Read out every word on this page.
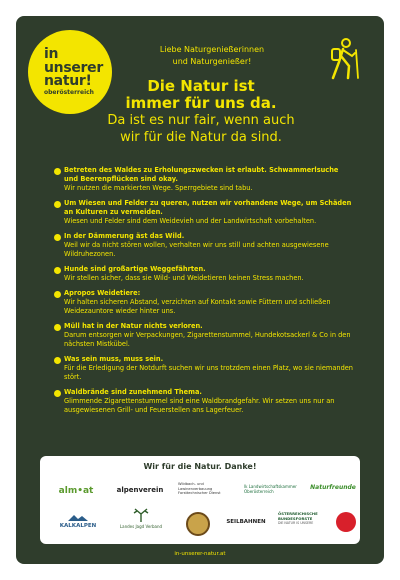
in
unserer
natur!
oberösterreich
Liebe Naturgenießerinnen
und Naturgenießer!
Die Natur ist
immer für uns da.
Da ist es nur fair, wenn auch
wir für die Natur da sind.
Betreten des Waldes zu Erholungszwecken ist erlaubt. Schwammerlsuche und Beerenpflücken sind okay.
Wir nutzen die markierten Wege. Sperrgebiete sind tabu.
Um Wiesen und Felder zu queren, nutzen wir vorhandene Wege, um Schäden an Kulturen zu vermeiden.
Wiesen und Felder sind dem Weidevieh und der Landwirtschaft vorbehalten.
In der Dämmerung äst das Wild.
Weil wir da nicht stören wollen, verhalten wir uns still und achten ausgewiesene Wildruhezonen.
Hunde sind großartige Weggefährten.
Wir stellen sicher, dass sie Wild- und Weidetieren keinen Stress machen.
Apropos Weidetiere:
Wir halten sicheren Abstand, verzichten auf Kontakt sowie Füttern und schließen Weidezauntore wieder hinter uns.
Müll hat in der Natur nichts verloren.
Darum entsorgen wir Verpackungen, Zigarettenstummel, Hundekotsackerl & Co in den nächsten Mistkübel.
Was sein muss, muss sein.
Für die Erledigung der Notdurft suchen wir uns trotzdem einen Platz, wo sie niemanden stört.
Waldbrände sind zunehmend Thema.
Glimmende Zigarettenstummel sind eine Waldbrandgefahr. Wir setzen uns nur an ausgewiesenen Grill- und Feuerstellen ans Lagerfeuer.
Wir für die Natur. Danke!
alm•at	alpenverein
Wildbach- und Lawinenverbauung Forsttechnischer Dienst
lk Landwirtschaftskammer Oberösterreich
Naturfreunde
KALKALPEN	Landes Jagd Verband
SEILBAHNEN
ÖSTERREICHISCHE BUNDESFORSTE
DIE NATUR IS UNSERE
in-unserer-natur.at
